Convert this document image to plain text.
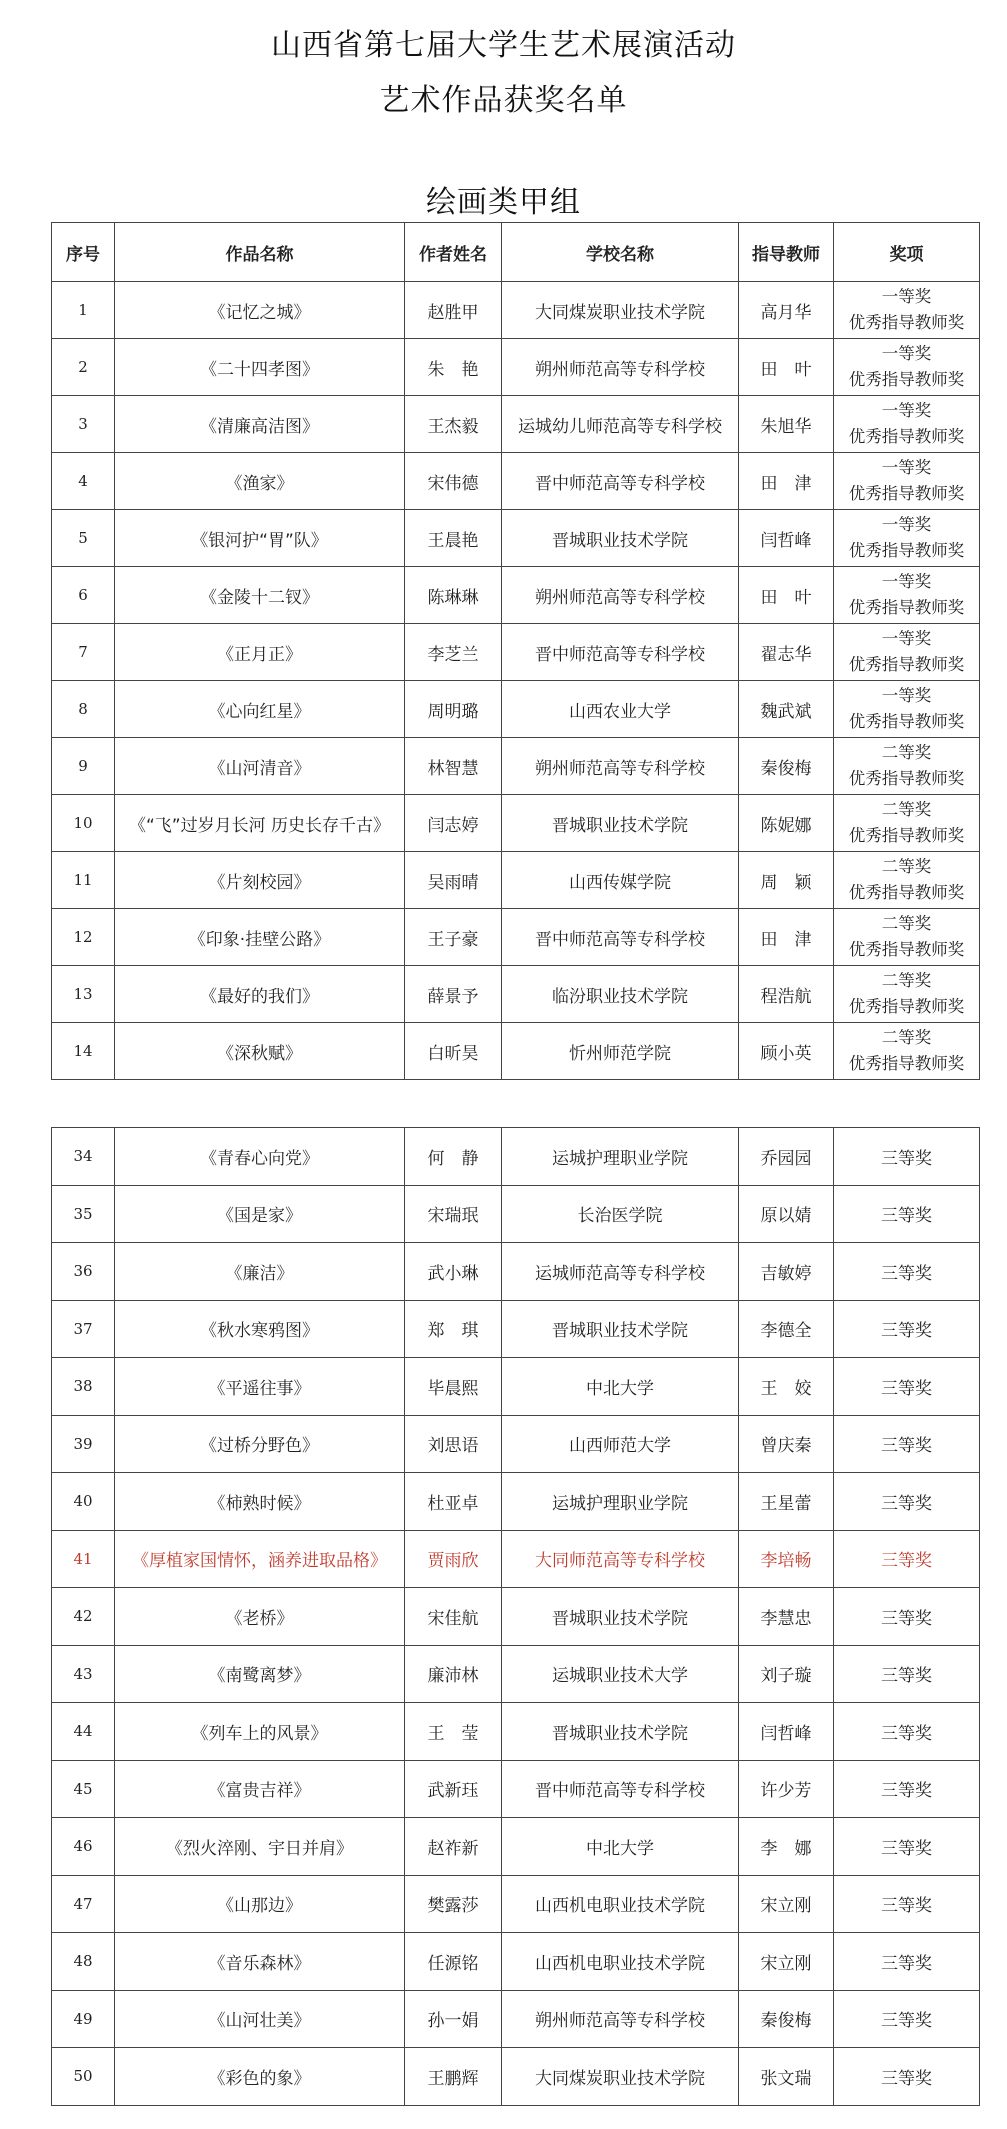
山西省第七届大学生艺术展演活动
艺术作品获奖名单
绘画类甲组
序号	作品名称	作者姓名	学校名称	指导教师	奖项
1	《记忆之城》	赵胜甲	大同煤炭职业技术学院	高月华	一等奖
优秀指导教师奖

2	《二十四孝图》	朱　艳	朔州师范高等专科学校	田　叶	一等奖
优秀指导教师奖

3	《清廉高洁图》	王杰毅	运城幼儿师范高等专科学校	朱旭华	一等奖
优秀指导教师奖

4	《渔家》	宋伟德	晋中师范高等专科学校	田　津	一等奖
优秀指导教师奖

5	《银河护“胃”队》	王晨艳	晋城职业技术学院	闫哲峰	一等奖
优秀指导教师奖

6	《金陵十二钗》	陈琳琳	朔州师范高等专科学校	田　叶	一等奖
优秀指导教师奖

7	《正月正》	李芝兰	晋中师范高等专科学校	翟志华	一等奖
优秀指导教师奖

8	《心向红星》	周明璐	山西农业大学	魏武斌	一等奖
优秀指导教师奖

9	《山河清音》	林智慧	朔州师范高等专科学校	秦俊梅	二等奖
优秀指导教师奖

10	《“飞”过岁月长河 历史长存千古》	闫志婷	晋城职业技术学院	陈妮娜	二等奖
优秀指导教师奖

11	《片刻校园》	吴雨晴	山西传媒学院	周　颖	二等奖
优秀指导教师奖

12	《印象·挂壁公路》	王子豪	晋中师范高等专科学校	田　津	二等奖
优秀指导教师奖

13	《最好的我们》	薛景予	临汾职业技术学院	程浩航	二等奖
优秀指导教师奖

14	《深秋赋》	白昕昊	忻州师范学院	顾小英	二等奖
优秀指导教师奖
34	《青春心向党》	何　静	运城护理职业学院	乔园园	三等奖
35	《国是家》	宋瑞珉	长治医学院	原以婧	三等奖
36	《廉洁》	武小琳	运城师范高等专科学校	吉敏婷	三等奖
37	《秋水寒鸦图》	郑　琪	晋城职业技术学院	李德全	三等奖
38	《平遥往事》	毕晨熙	中北大学	王　姣	三等奖
39	《过桥分野色》	刘思语	山西师范大学	曾庆秦	三等奖
40	《柿熟时候》	杜亚卓	运城护理职业学院	王星蕾	三等奖
41	《厚植家国情怀，涵养进取品格》	贾雨欣	大同师范高等专科学校	李培畅	三等奖
42	《老桥》	宋佳航	晋城职业技术学院	李慧忠	三等奖
43	《南鹭离梦》	廉沛林	运城职业技术大学	刘子璇	三等奖
44	《列车上的风景》	王　莹	晋城职业技术学院	闫哲峰	三等奖
45	《富贵吉祥》	武新珏	晋中师范高等专科学校	许少芳	三等奖
46	《烈火淬刚、宇日并肩》	赵祚新	中北大学	李　娜	三等奖
47	《山那边》	樊露莎	山西机电职业技术学院	宋立刚	三等奖
48	《音乐森林》	任源铭	山西机电职业技术学院	宋立刚	三等奖
49	《山河壮美》	孙一娟	朔州师范高等专科学校	秦俊梅	三等奖
50	《彩色的象》	王鹏辉	大同煤炭职业技术学院	张文瑞	三等奖
